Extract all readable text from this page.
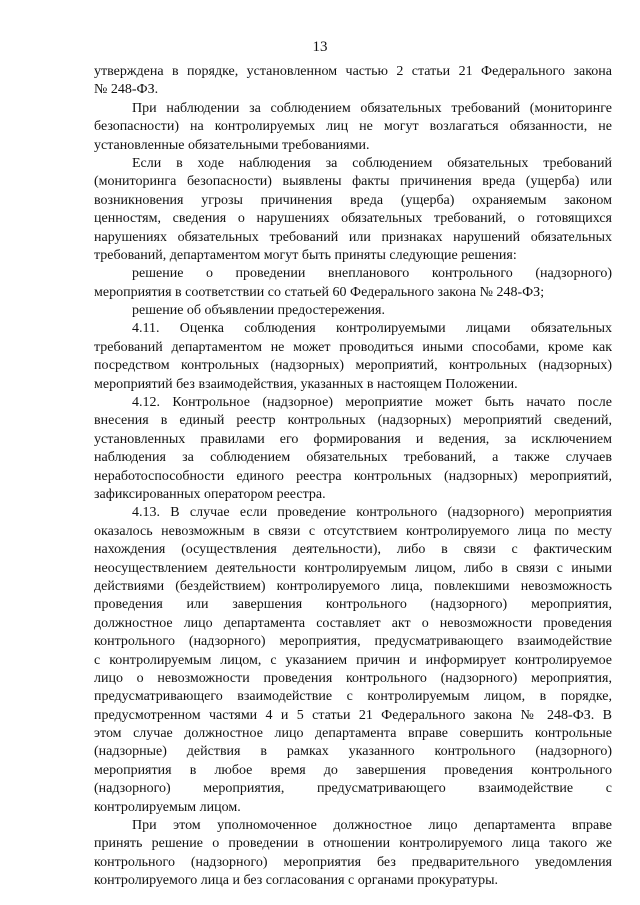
13
утверждена в порядке, установленном частью 2 статьи 21 Федерального закона
№ 248-ФЗ.
При наблюдении за соблюдением обязательных требований (мониторинге
безопасности) на контролируемых лиц не могут возлагаться обязанности, не
установленные обязательными требованиями.
Если в ходе наблюдения за соблюдением обязательных требований
(мониторинга безопасности) выявлены факты причинения вреда (ущерба) или
возникновения угрозы причинения вреда (ущерба) охраняемым законом
ценностям, сведения о нарушениях обязательных требований, о готовящихся
нарушениях обязательных требований или признаках нарушений обязательных
требований, департаментом могут быть приняты следующие решения:
решение о проведении внепланового контрольного (надзорного)
мероприятия в соответствии со статьей 60 Федерального закона № 248-ФЗ;
решение об объявлении предостережения.
4.11. Оценка соблюдения контролируемыми лицами обязательных
требований департаментом не может проводиться иными способами, кроме как
посредством контрольных (надзорных) мероприятий, контрольных (надзорных)
мероприятий без взаимодействия, указанных в настоящем Положении.
4.12. Контрольное (надзорное) мероприятие может быть начато после
внесения в единый реестр контрольных (надзорных) мероприятий сведений,
установленных правилами его формирования и ведения, за исключением
наблюдения за соблюдением обязательных требований, а также случаев
неработоспособности единого реестра контрольных (надзорных) мероприятий,
зафиксированных оператором реестра.
4.13. В случае если проведение контрольного (надзорного) мероприятия
оказалось невозможным в связи с отсутствием контролируемого лица по месту
нахождения (осуществления деятельности), либо в связи с фактическим
неосуществлением деятельности контролируемым лицом, либо в связи с иными
действиями (бездействием) контролируемого лица, повлекшими невозможность
проведения или завершения контрольного (надзорного) мероприятия,
должностное лицо департамента составляет акт о невозможности проведения
контрольного (надзорного) мероприятия, предусматривающего взаимодействие
с контролируемым лицом, с указанием причин и информирует контролируемое
лицо о невозможности проведения контрольного (надзорного) мероприятия,
предусматривающего взаимодействие с контролируемым лицом, в порядке,
предусмотренном частями 4 и 5 статьи 21 Федерального закона № 248-ФЗ. В
этом случае должностное лицо департамента вправе совершить контрольные
(надзорные) действия в рамках указанного контрольного (надзорного)
мероприятия в любое время до завершения проведения контрольного
(надзорного) мероприятия, предусматривающего взаимодействие с
контролируемым лицом.
При этом уполномоченное должностное лицо департамента вправе
принять решение о проведении в отношении контролируемого лица такого же
контрольного (надзорного) мероприятия без предварительного уведомления
контролируемого лица и без согласования с органами прокуратуры.
